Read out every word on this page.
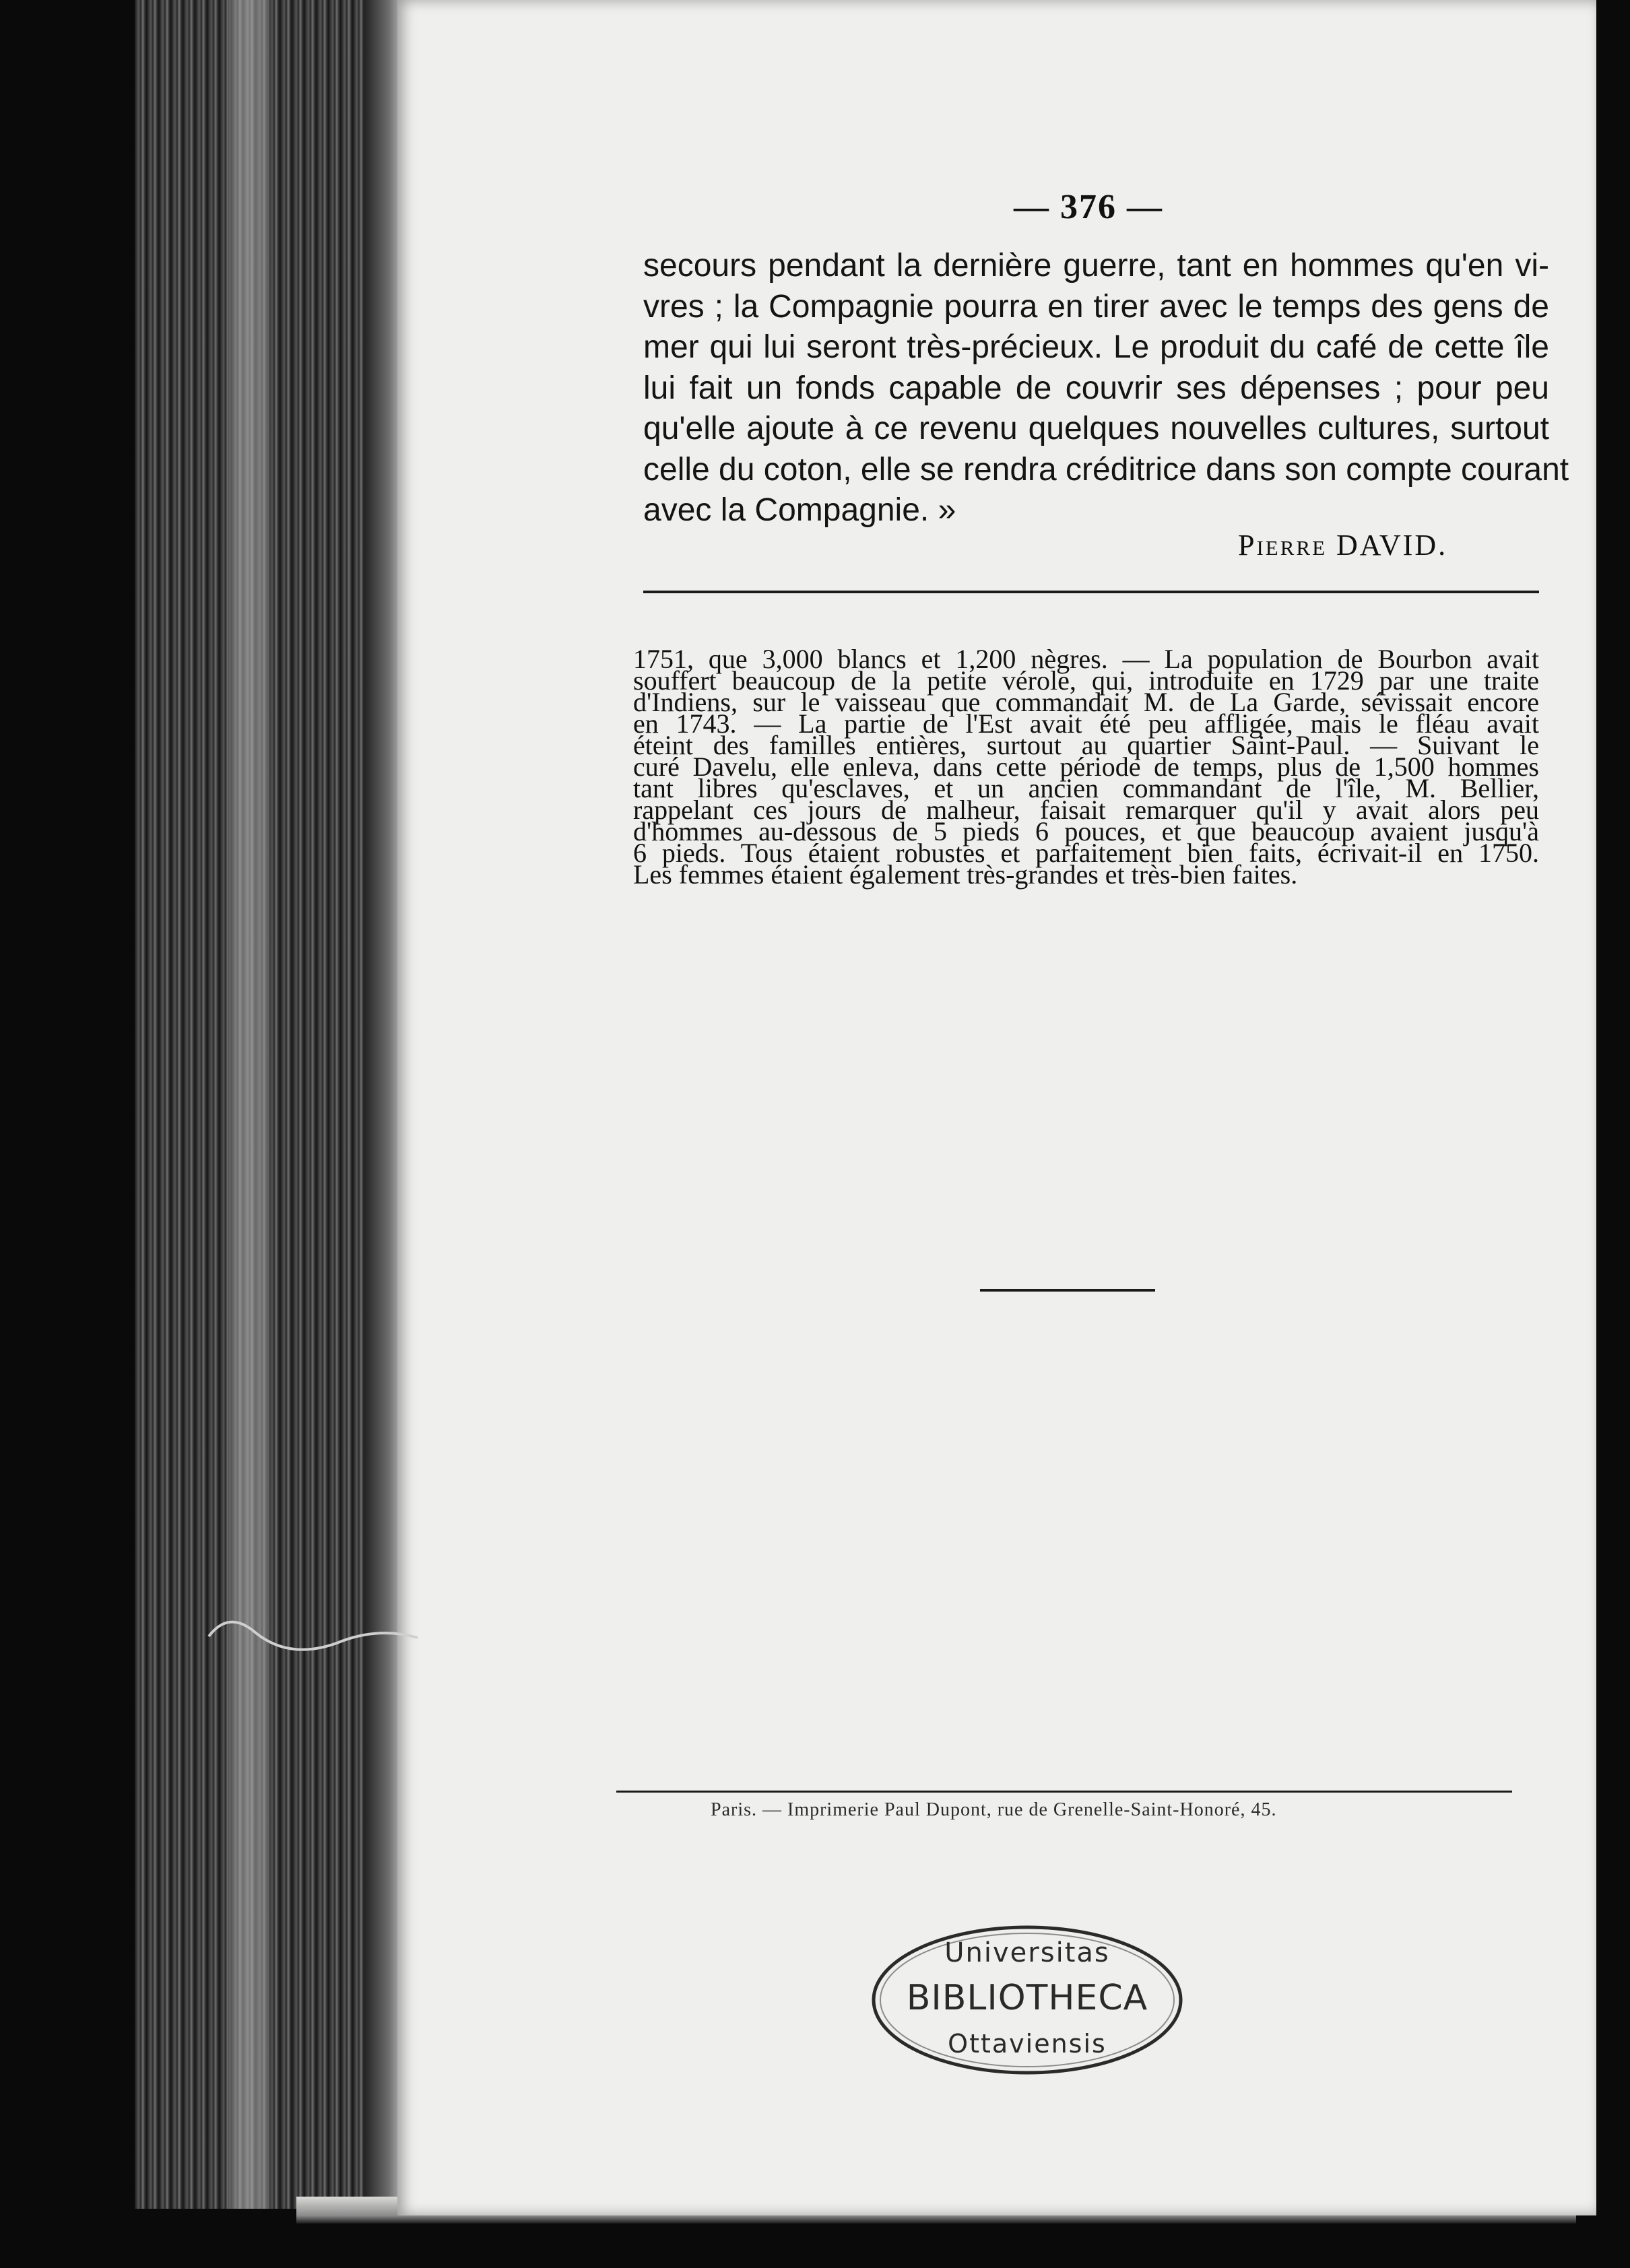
— 376 —
secours pendant la dernière guerre, tant en hommes qu'en vi-
vres ; la Compagnie pourra en tirer avec le temps des gens de
mer qui lui seront très-précieux. Le produit du café de cette île
lui fait un fonds capable de couvrir ses dépenses ; pour peu
qu'elle ajoute à ce revenu quelques nouvelles cultures, surtout
celle du coton, elle se rendra créditrice dans son compte courant
avec la Compagnie. »
Pierre DAVID.
1751, que 3,000 blancs et 1,200 nègres. — La population de Bourbon avait
souffert beaucoup de la petite vérole, qui, introduite en 1729 par une traite
d'Indiens, sur le vaisseau que commandait M. de La Garde, sévissait encore
en 1743. — La partie de l'Est avait été peu affligée, mais le fléau avait
éteint des familles entières, surtout au quartier Saint-Paul. — Suivant le
curé Davelu, elle enleva, dans cette période de temps, plus de 1,500 hommes
tant libres qu'esclaves, et un ancien commandant de l'île, M. Bellier,
rappelant ces jours de malheur, faisait remarquer qu'il y avait alors peu
d'hommes au-dessous de 5 pieds 6 pouces, et que beaucoup avaient jusqu'à
6 pieds. Tous étaient robustes et parfaitement bien faits, écrivait-il en 1750.
Les femmes étaient également très-grandes et très-bien faites.
Paris. — Imprimerie Paul Dupont, rue de Grenelle-Saint-Honoré, 45.
Universitas
BIBLIOTHECA
Ottaviensis
